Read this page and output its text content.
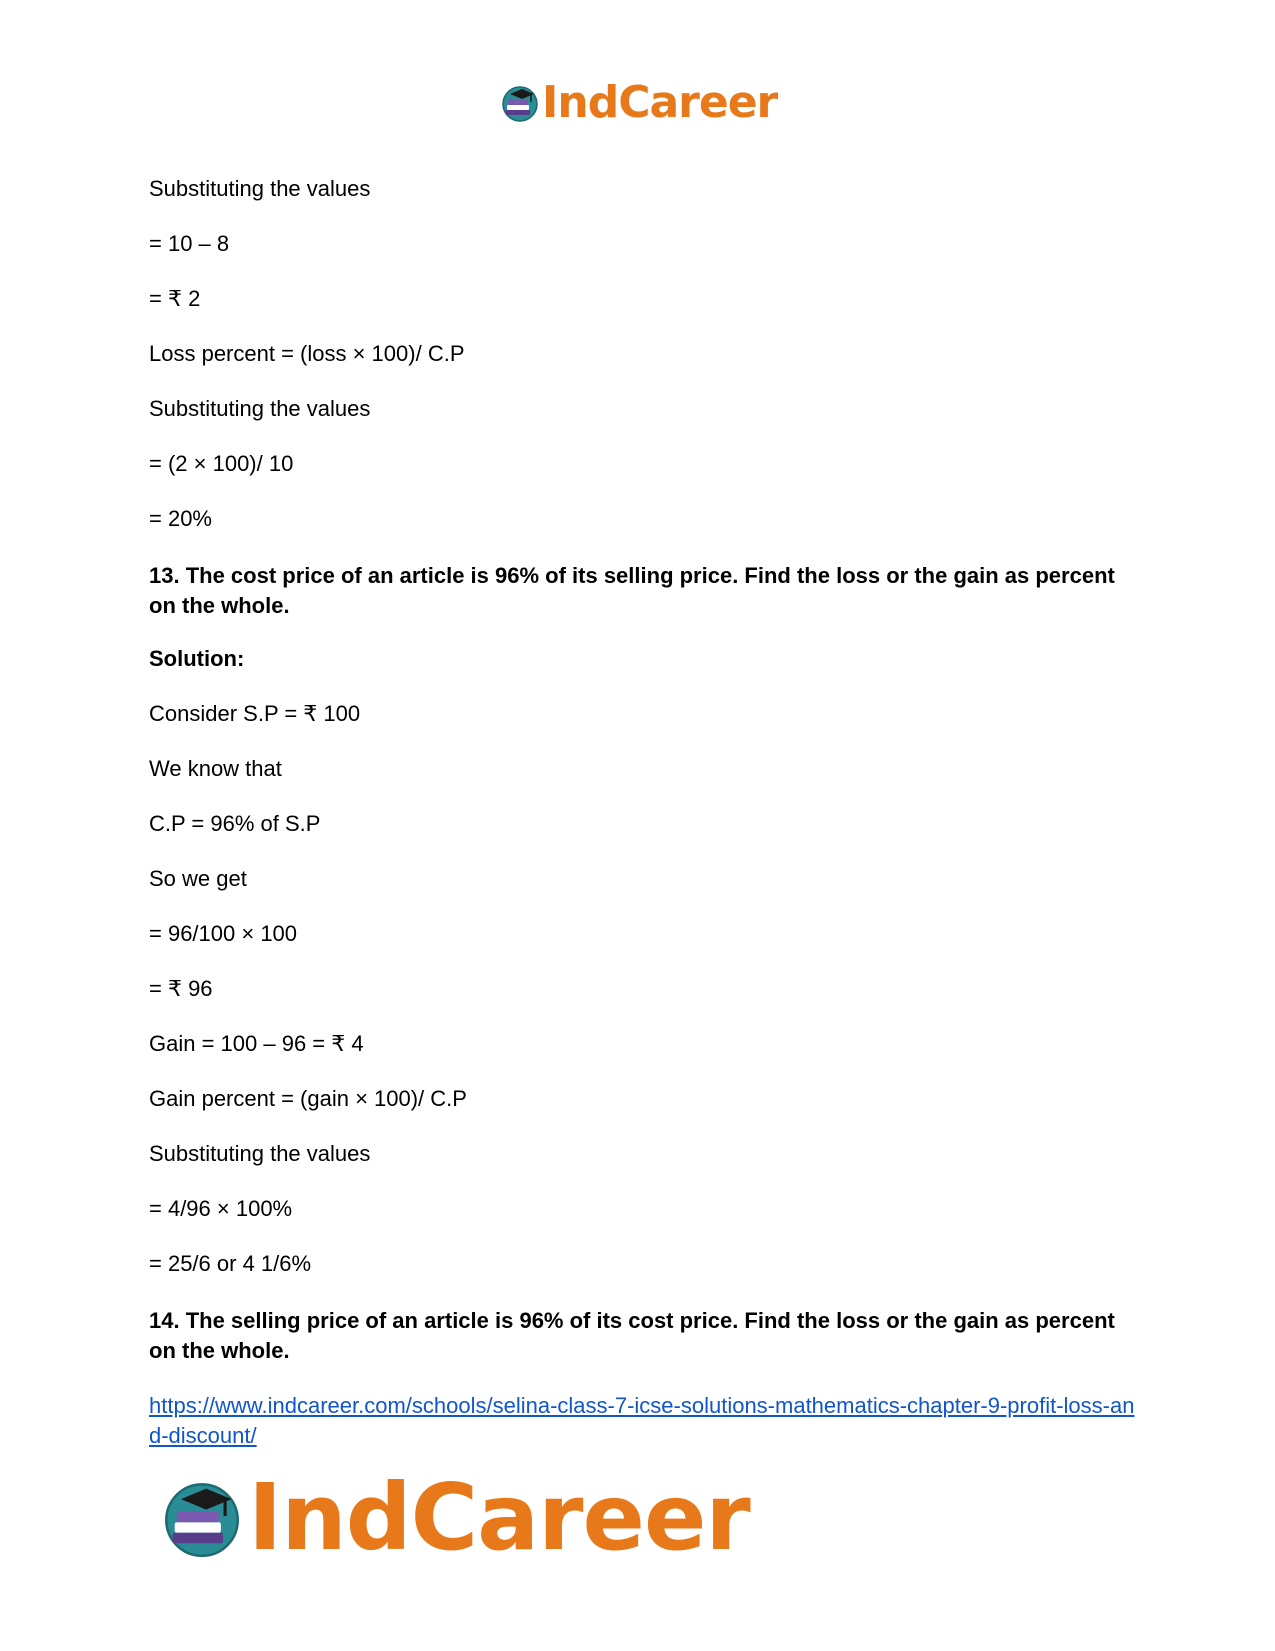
IndCareer

Substituting the values

= 10 – 8

= ₹ 2

Loss percent = (loss × 100)/ C.P

Substituting the values

= (2 × 100)/ 10

= 20%

13. The cost price of an article is 96% of its selling price. Find the loss or the gain as percent on the whole.

Solution:

Consider S.P = ₹ 100

We know that

C.P = 96% of S.P

So we get

= 96/100 × 100

= ₹ 96

Gain = 100 – 96 = ₹ 4

Gain percent = (gain × 100)/ C.P

Substituting the values

= 4/96 × 100%

= 25/6 or 4 1/6%

14. The selling price of an article is 96% of its cost price. Find the loss or the gain as percent on the whole.

https://www.indcareer.com/schools/selina-class-7-icse-solutions-mathematics-chapter-9-profit-loss-and-discount/
IndCareer
